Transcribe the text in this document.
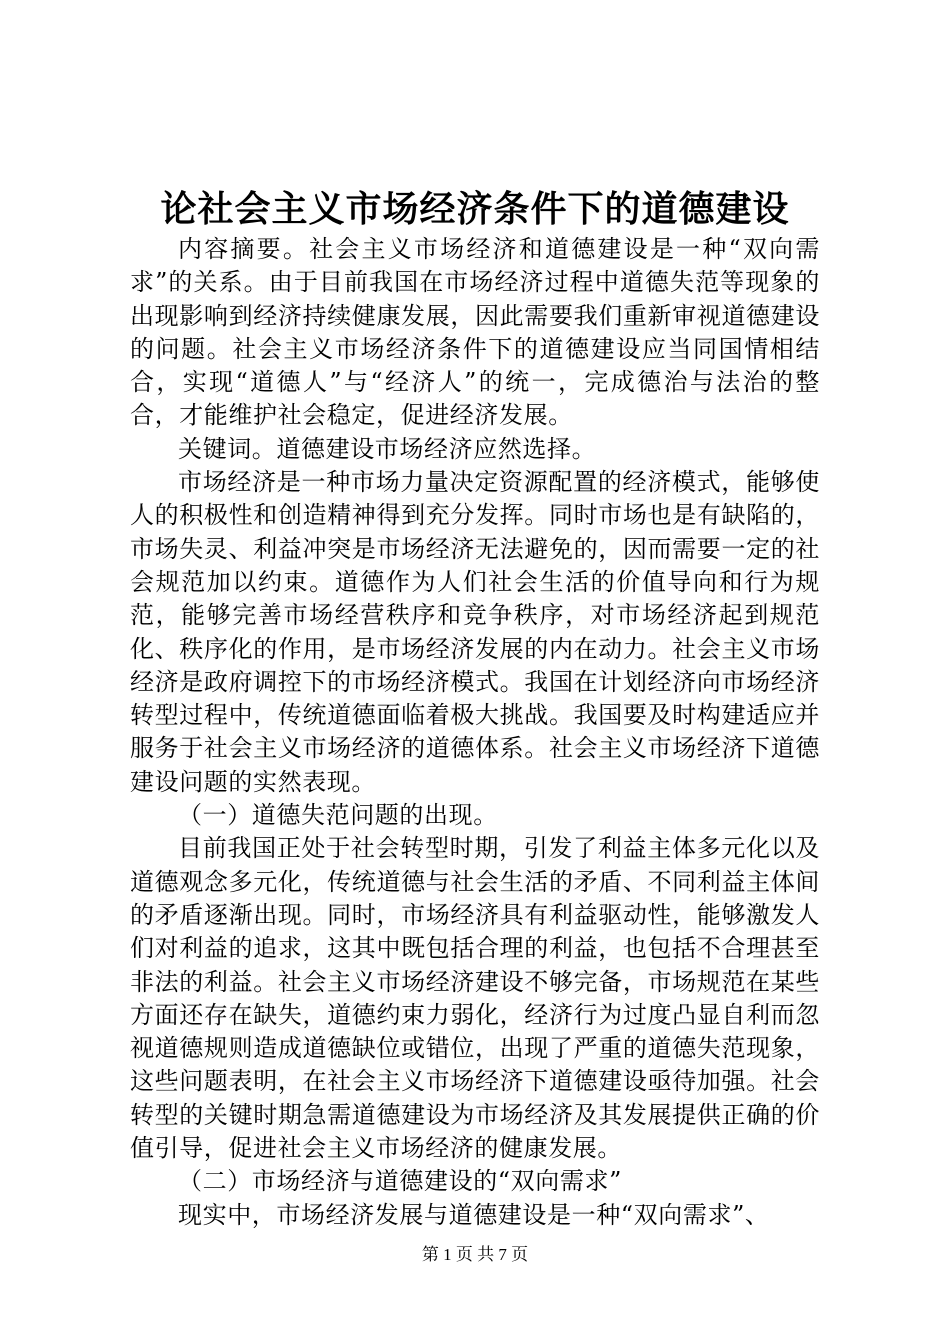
论社会主义市场经济条件下的道德建设

内容摘要。社会主义市场经济和道德建设是一种“双向需求”的关系。由于目前我国在市场经济过程中道德失范等现象的出现影响到经济持续健康发展，因此需要我们重新审视道德建设的问题。社会主义市场经济条件下的道德建设应当同国情相结合，实现“道德人”与“经济人”的统一，完成德治与法治的整合，才能维护社会稳定，促进经济发展。

关键词。道德建设市场经济应然选择。

市场经济是一种市场力量决定资源配置的经济模式，能够使人的积极性和创造精神得到充分发挥。同时市场也是有缺陷的，市场失灵、利益冲突是市场经济无法避免的，因而需要一定的社会规范加以约束。道德作为人们社会生活的价值导向和行为规范，能够完善市场经营秩序和竞争秩序，对市场经济起到规范化、秩序化的作用，是市场经济发展的内在动力。社会主义市场经济是政府调控下的市场经济模式。我国在计划经济向市场经济转型过程中，传统道德面临着极大挑战。我国要及时构建适应并服务于社会主义市场经济的道德体系。社会主义市场经济下道德建设问题的实然表现。

（一）道德失范问题的出现。

目前我国正处于社会转型时期，引发了利益主体多元化以及道德观念多元化，传统道德与社会生活的矛盾、不同利益主体间的矛盾逐渐出现。同时，市场经济具有利益驱动性，能够激发人们对利益的追求，这其中既包括合理的利益，也包括不合理甚至非法的利益。社会主义市场经济建设不够完备，市场规范在某些方面还存在缺失，道德约束力弱化，经济行为过度凸显自利而忽视道德规则造成道德缺位或错位，出现了严重的道德失范现象，这些问题表明，在社会主义市场经济下道德建设亟待加强。社会转型的关键时期急需道德建设为市场经济及其发展提供正确的价值引导，促进社会主义市场经济的健康发展。

（二）市场经济与道德建设的“双向需求”

现实中，市场经济发展与道德建设是一种“双向需求”、

第 1 页 共 7 页
